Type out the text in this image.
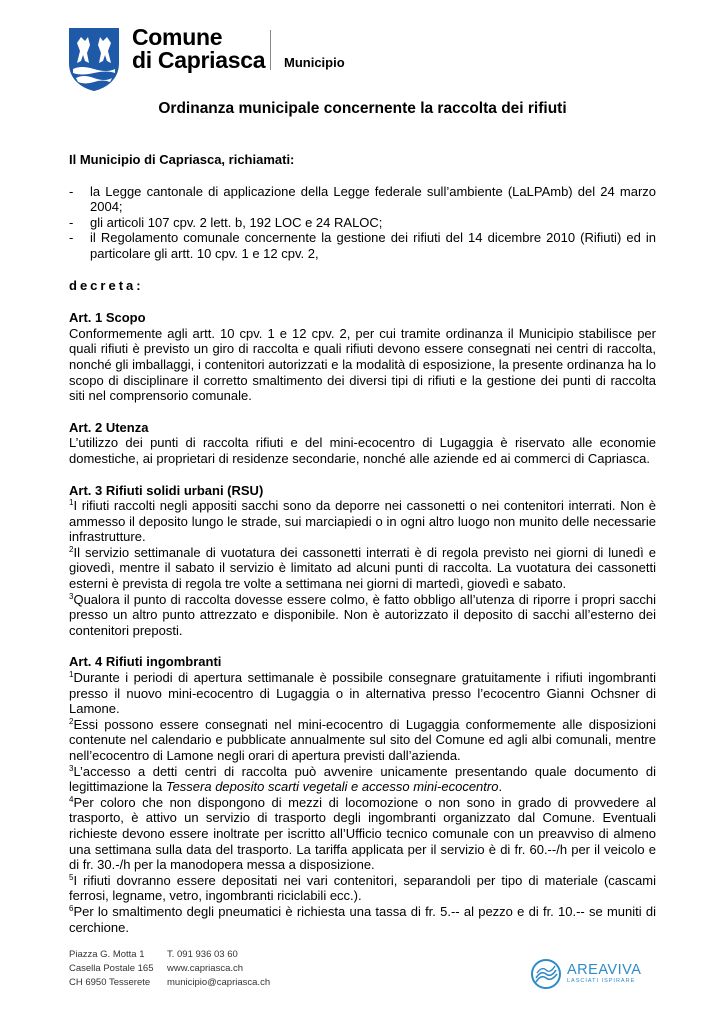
Comune
di Capriasca Municipio
Ordinanza municipale concernente la raccolta dei rifiuti

Il Municipio di Capriasca, richiamati:

- la Legge cantonale di applicazione della Legge federale sull’ambiente (LaLPAmb) del 24 marzo 2004;
- gli articoli 107 cpv. 2 lett. b, 192 LOC e 24 RALOC;
- il Regolamento comunale concernente la gestione dei rifiuti del 14 dicembre 2010 (Rifiuti) ed in particolare gli artt. 10 cpv. 1 e 12 cpv. 2,

decreta:

Art. 1 Scopo

Conformemente agli artt. 10 cpv. 1 e 12 cpv. 2, per cui tramite ordinanza il Municipio stabilisce per quali rifiuti è previsto un giro di raccolta e quali rifiuti devono essere consegnati nei centri di raccolta, nonché gli imballaggi, i contenitori autorizzati e la modalità di esposizione, la presente ordinanza ha lo scopo di disciplinare il corretto smaltimento dei diversi tipi di rifiuti e la gestione dei punti di raccolta siti nel comprensorio comunale.

Art. 2 Utenza

L’utilizzo dei punti di raccolta rifiuti e del mini-ecocentro di Lugaggia è riservato alle economie domestiche, ai proprietari di residenze secondarie, nonché alle aziende ed ai commerci di Capriasca.

Art. 3 Rifiuti solidi urbani (RSU)

$^1$I rifiuti raccolti negli appositi sacchi sono da deporre nei cassonetti o nei contenitori interrati. Non è ammesso il deposito lungo le strade, sui marciapiedi o in ogni altro luogo non munito delle necessarie infrastrutture.

$^2$Il servizio settimanale di vuotatura dei cassonetti interrati è di regola previsto nei giorni di lunedì e giovedì, mentre il sabato il servizio è limitato ad alcuni punti di raccolta. La vuotatura dei cassonetti esterni è prevista di regola tre volte a settimana nei giorni di martedì, giovedì e sabato.

$^3$Qualora il punto di raccolta dovesse essere colmo, è fatto obbligo all’utenza di riporre i propri sacchi presso un altro punto attrezzato e disponibile. Non è autorizzato il deposito di sacchi all’esterno dei contenitori preposti.

Art. 4 Rifiuti ingombranti

$^1$Durante i periodi di apertura settimanale è possibile consegnare gratuitamente i rifiuti ingombranti presso il nuovo mini-ecocentro di Lugaggia o in alternativa presso l’ecocentro Gianni Ochsner di Lamone.

$^2$Essi possono essere consegnati nel mini-ecocentro di Lugaggia conformemente alle disposizioni contenute nel calendario e pubblicate annualmente sul sito del Comune ed agli albi comunali, mentre nell’ecocentro di Lamone negli orari di apertura previsti dall’azienda.

$^3$L’accesso a detti centri di raccolta può avvenire unicamente presentando quale documento di legittimazione la Tessera deposito scarti vegetali e accesso mini-ecocentro.

$^4$Per coloro che non dispongono di mezzi di locomozione o non sono in grado di provvedere al trasporto, è attivo un servizio di trasporto degli ingombranti organizzato dal Comune. Eventuali richieste devono essere inoltrate per iscritto all’Ufficio tecnico comunale con un preavviso di almeno una settimana sulla data del trasporto. La tariffa applicata per il servizio è di fr. 60.--/h per il veicolo e di fr. 30.-/h per la manodopera messa a disposizione.

$^5$I rifiuti dovranno essere depositati nei vari contenitori, separandoli per tipo di materiale (cascami ferrosi, legname, vetro, ingombranti riciclabili ecc.).

$^6$Per lo smaltimento degli pneumatici è richiesta una tassa di fr. 5.-- al pezzo e di fr. 10.-- se muniti di cerchione.

Piazza G. Motta 1
Casella Postale 165
CH 6950 Tesserete
T. 091 936 03 60
www.capriasca.ch
municipio@capriasca.ch
AREAVIVA
LASCIATI ISPIRARE
